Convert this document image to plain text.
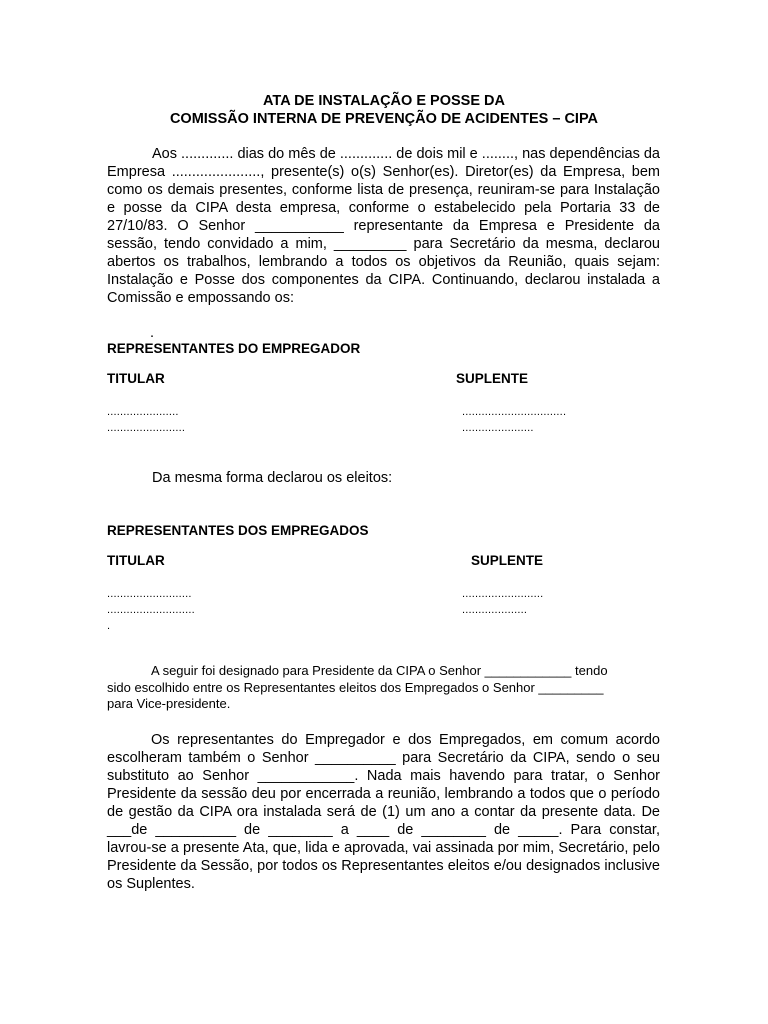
ATA DE INSTALAÇÃO E POSSE DA

COMISSÃO INTERNA DE PREVENÇÃO DE ACIDENTES – CIPA

Aos ............. dias do mês de ............. de dois mil e ........, nas dependências da Empresa ......................, presente(s) o(s) Senhor(es). Diretor(es) da Empresa, bem como os demais presentes, conforme lista de presença, reuniram-se para Instalação e posse da CIPA desta empresa, conforme o estabelecido pela Portaria 33 de 27/10/83. O Senhor ___________ representante da Empresa e Presidente da sessão, tendo convidado a mim, _________ para Secretário da mesma, declarou abertos os trabalhos, lembrando a todos os objetivos da Reunião, quais sejam: Instalação e Posse dos componentes da CIPA. Continuando, declarou instalada a Comissão e empossando os:

.

REPRESENTANTES DO EMPREGADOR

TITULAR	SUPLENTE

......................

........................

................................

......................

Da mesma forma declarou os eleitos:

REPRESENTANTES DOS EMPREGADOS

TITULAR	SUPLENTE

..........................

...........................

.........................

....................

.

A seguir foi designado para Presidente da CIPA o Senhor ____________ tendo
sido escolhido entre os Representantes eleitos dos Empregados o Senhor _________
para Vice-presidente.

Os representantes do Empregador e dos Empregados, em comum acordo escolheram também o Senhor __________ para Secretário da CIPA, sendo o seu substituto ao Senhor ____________. Nada mais havendo para tratar, o Senhor Presidente da sessão deu por encerrada a reunião, lembrando a todos que o período de gestão da CIPA ora instalada será de (1) um ano a contar da presente data. De ___de __________ de ________ a ____ de ________ de _____. Para constar, lavrou-se a presente Ata, que, lida e aprovada, vai assinada por mim, Secretário, pelo Presidente da Sessão, por todos os Representantes eleitos e/ou designados inclusive os Suplentes.
